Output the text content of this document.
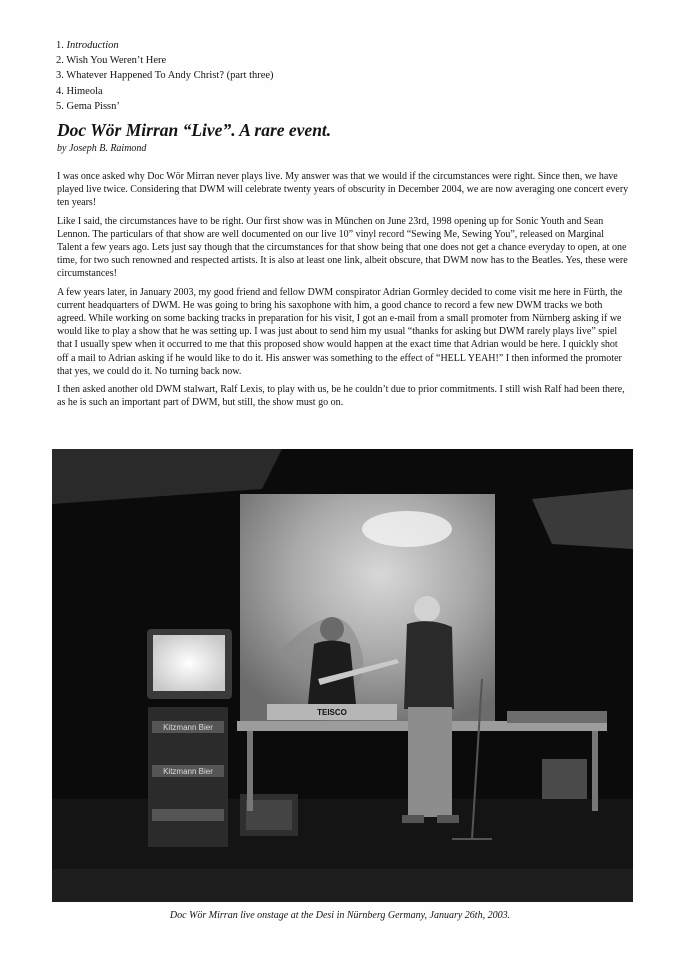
1. Introduction
2. Wish You Weren’t Here
3. Whatever Happened To Andy Christ? (part three)
4. Himeola
5. Gema Pissn’
Doc Wör Mirran “Live”. A rare event.
by Joseph B. Raimond

I was once asked why Doc Wör Mirran never plays live. My answer was that we would if the circumstances were right. Since then, we have played live twice. Considering that DWM will celebrate twenty years of obscurity in December 2004, we are now averaging one concert every ten years!

Like I said, the circumstances have to be right. Our first show was in München on June 23rd, 1998 opening up for Sonic Youth and Sean Lennon. The particulars of that show are well documented on our live 10” vinyl record “Sewing Me, Sewing You”, released on Marginal Talent a few years ago. Lets just say though that the circumstances for that show being that one does not get a chance everyday to open, at one time, for two such renowned and respected artists. It is also at least one link, albeit obscure, that DWM now has to the Beatles. Yes, these were circumstances!

A few years later, in January 2003, my good friend and fellow DWM conspirator Adrian Gormley decided to come visit me here in Fürth, the current headquarters of DWM. He was going to bring his saxophone with him, a good chance to record a few new DWM tracks we both agreed. While working on some backing tracks in preparation for his visit, I got an e-mail from a small promoter from Nürnberg asking if we would like to play a show that he was setting up. I was just about to send him my usual “thanks for asking but DWM rarely plays live” spiel that I usually spew when it occurred to me that this proposed show would happen at the exact time that Adrian would be here. I quickly shot off a mail to Adrian asking if he would like to do it. His answer was something to the effect of “HELL YEAH!” I then informed the promoter that yes, we could do it. No turning back now.

I then asked another old DWM stalwart, Ralf Lexis, to play with us, be he couldn’t due to prior commitments. I still wish Ralf had been there, as he is such an important part of DWM, but still, the show must go on.

Kitzmann Bier
Kitzmann Bier
TEISCO
Doc Wör Mirran live onstage at the Desi in Nürnberg Germany, January 26th, 2003.
